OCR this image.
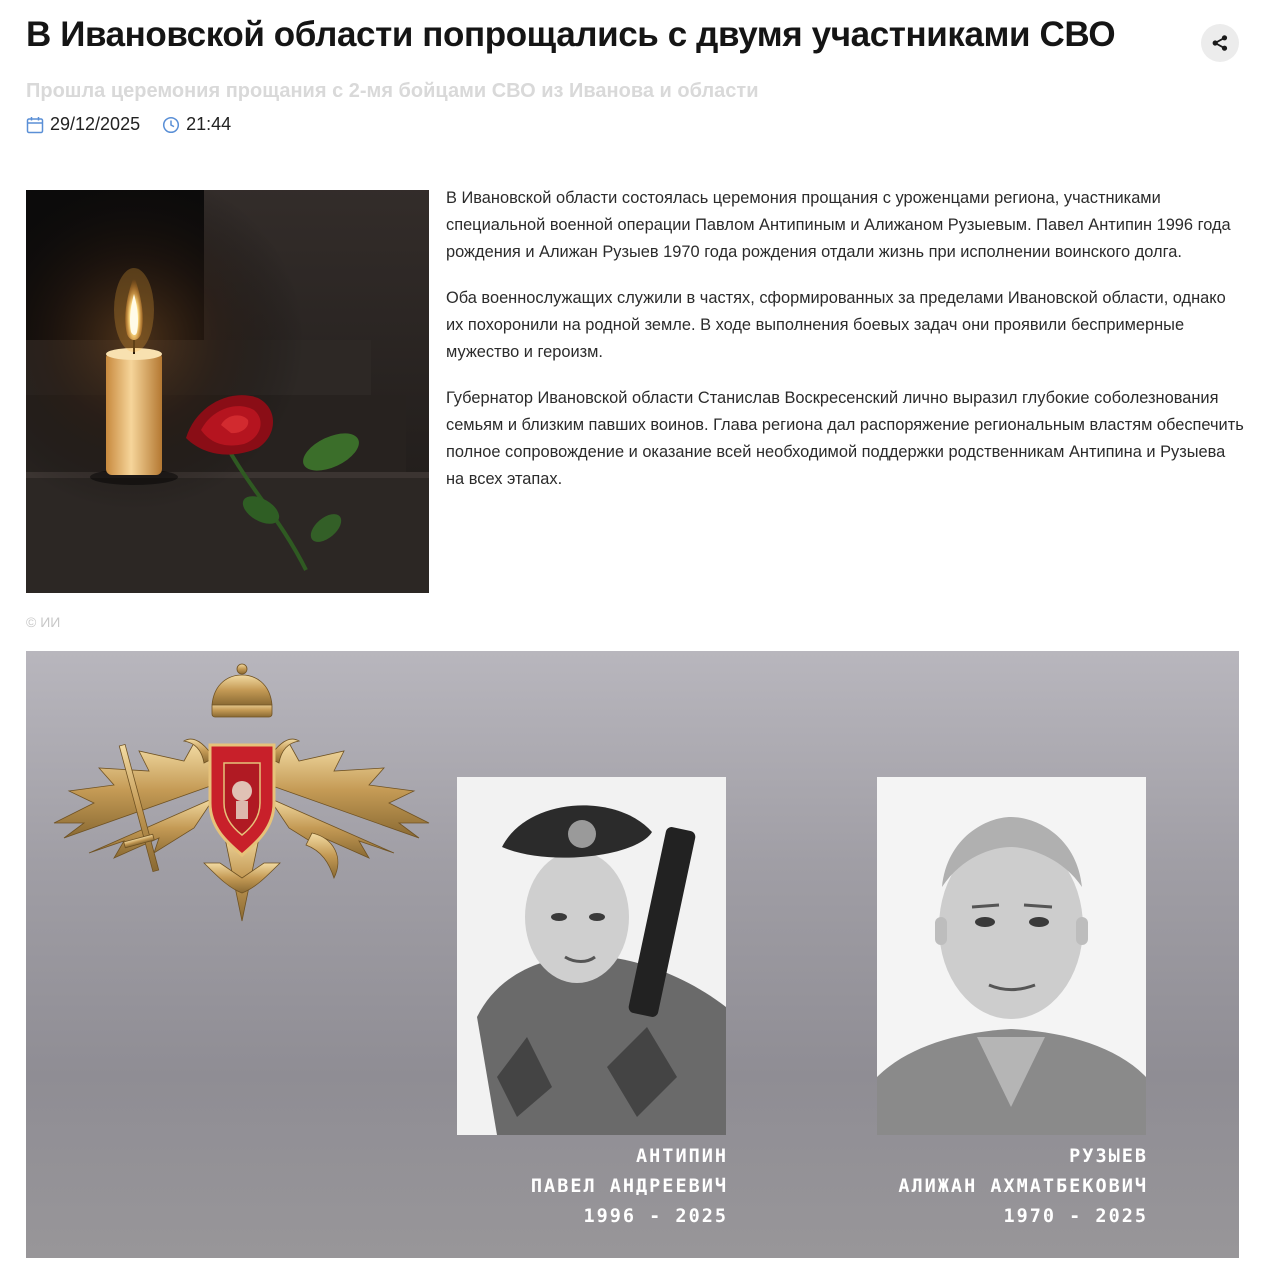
В Ивановской области попрощались с двумя участниками СВО
Прошла церемония прощания с 2-мя бойцами СВО из Иванова и области
29/12/2025	21:44

В Ивановской области состоялась церемония прощания с уроженцами региона, участниками специальной военной операции Павлом Антипиным и Алижаном Рузыевым. Павел Антипин 1996 года рождения и Алижан Рузыев 1970 года рождения отдали жизнь при исполнении воинского долга.

Оба военнослужащих служили в частях, сформированных за пределами Ивановской области, однако их похоронили на родной земле. В ходе выполнения боевых задач они проявили беспримерные мужество и героизм.

Губернатор Ивановской области Станислав Воскресенский лично выразил глубокие соболезнования семьям и близким павших воинов. Глава региона дал распоряжение региональным властям обеспечить полное сопровождение и оказание всей необходимой поддержки родственникам Антипина и Рузыева на всех этапах.

© ИИ
АНТИПИН
ПАВЕЛ АНДРЕЕВИЧ
1996 - 2025
РУЗЫЕВ
АЛИЖАН АХМАТБЕКОВИЧ
1970 - 2025
